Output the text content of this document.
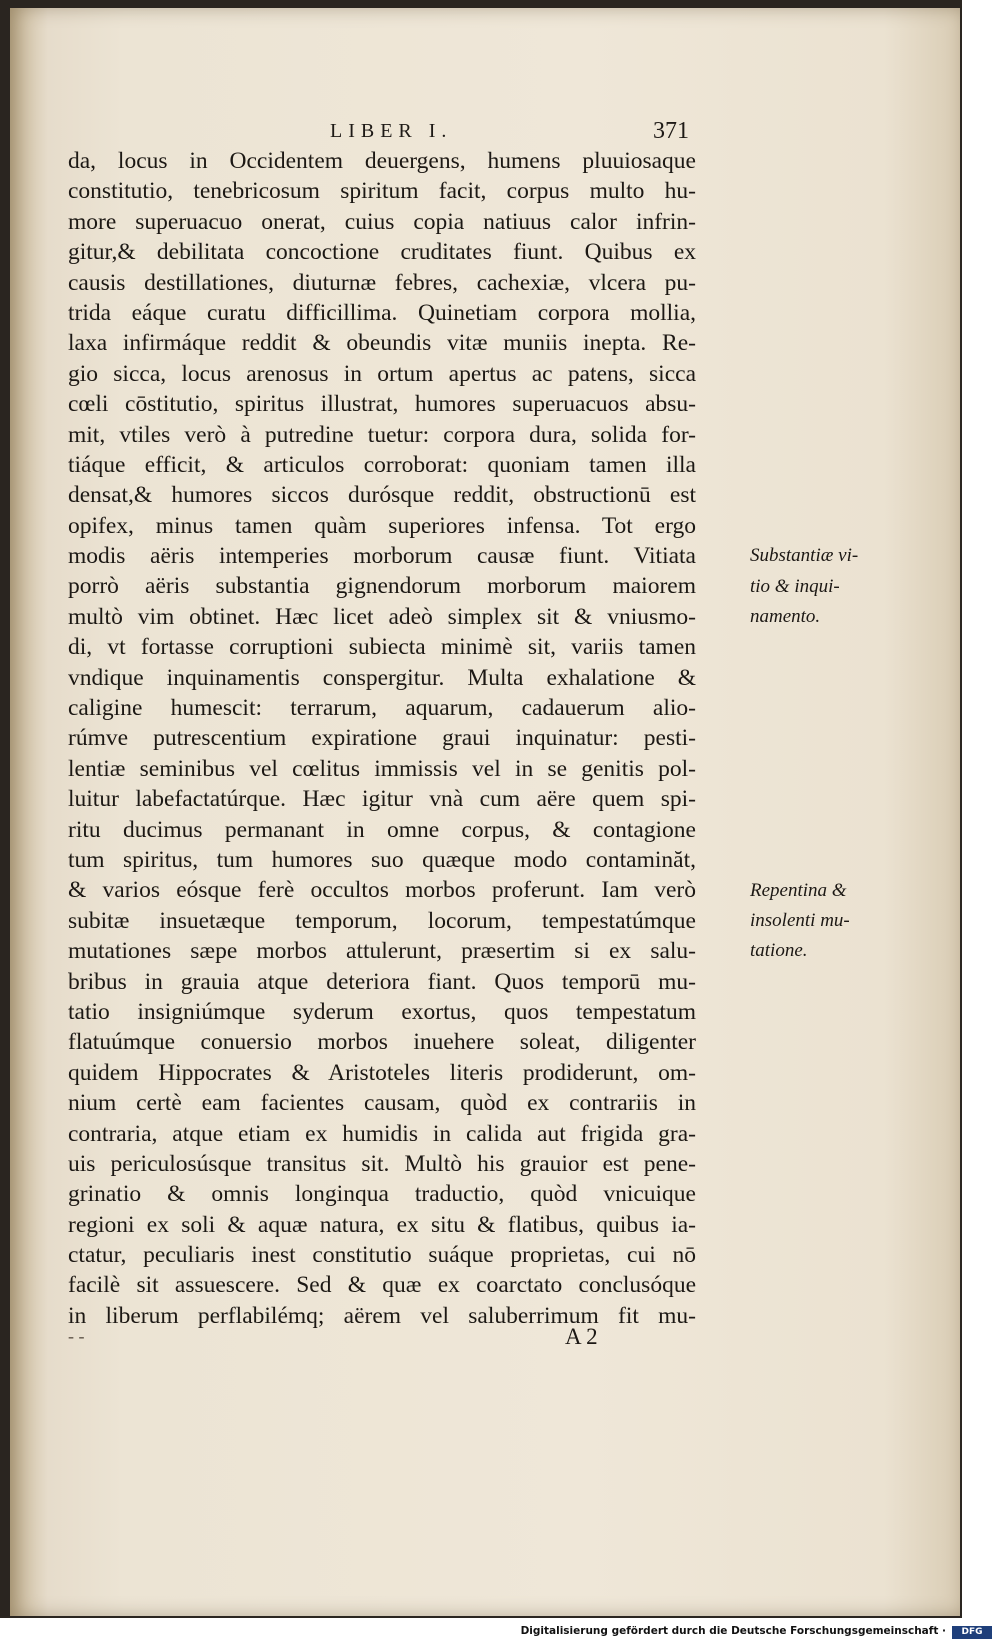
LIBER I.	371
da, locus in Occidentem deuergens, humens pluuiosaque
constitutio, tenebricosum spiritum facit, corpus multo hu-
more superuacuo onerat, cuius copia natiuus calor infrin-
gitur,& debilitata concoctione cruditates fiunt. Quibus ex
causis destillationes, diuturnæ febres, cachexiæ, vlcera pu-
trida eáque curatu difficillima. Quinetiam corpora mollia,
laxa infirmáque reddit & obeundis vitæ muniis inepta. Re-
gio sicca, locus arenosus in ortum apertus ac patens, sicca
cœli cōstitutio, spiritus illustrat, humores superuacuos absu-
mit, vtiles verò à putredine tuetur: corpora dura, solida for-
tiáque efficit, & articulos corroborat: quoniam tamen illa
densat,& humores siccos durósque reddit, obstructionū est
opifex, minus tamen quàm superiores infensa. Tot ergo
modis aëris intemperies morborum causæ fiunt. Vitiata
porrò aëris substantia gignendorum morborum maiorem
multò vim obtinet. Hæc licet adeò simplex sit & vniusmo-
di, vt fortasse corruptioni subiecta minimè sit, variis tamen
vndique inquinamentis conspergitur. Multa exhalatione &
caligine humescit: terrarum, aquarum, cadauerum alio-
rúmve putrescentium expiratione graui inquinatur: pesti-
lentiæ seminibus vel cœlitus immissis vel in se genitis pol-
luitur labefactatúrque. Hæc igitur vnà cum aëre quem spi-
ritu ducimus permanant in omne corpus, & contagione
tum spiritus, tum humores suo quæque modo contaminăt,
& varios eósque ferè occultos morbos proferunt. Iam verò
subitæ insuetæque temporum, locorum, tempestatúmque
mutationes sæpe morbos attulerunt, præsertim si ex salu-
bribus in grauia atque deteriora fiant. Quos temporū mu-
tatio insigniúmque syderum exortus, quos tempestatum
flatuúmque conuersio morbos inuehere soleat, diligenter
quidem Hippocrates & Aristoteles literis prodiderunt, om-
nium certè eam facientes causam, quòd ex contrariis in
contraria, atque etiam ex humidis in calida aut frigida gra-
uis periculosúsque transitus sit. Multò his grauior est pene-
grinatio & omnis longinqua traductio, quòd vnicuique
regioni ex soli & aquæ natura, ex situ & flatibus, quibus ia-
ctatur, peculiaris inest constitutio suáque proprietas, cui nō
facilè sit assuescere. Sed & quæ ex coarctato conclusóque
in liberum perflabilémq; aërem vel saluberrimum fit mu-
Substantiæ vi-
tio & inqui-
namento.
Repentina &
insolenti mu-
tatione.
- -	A 2
Digitalisierung gefördert durch die Deutsche Forschungsgemeinschaft ·	DFG
